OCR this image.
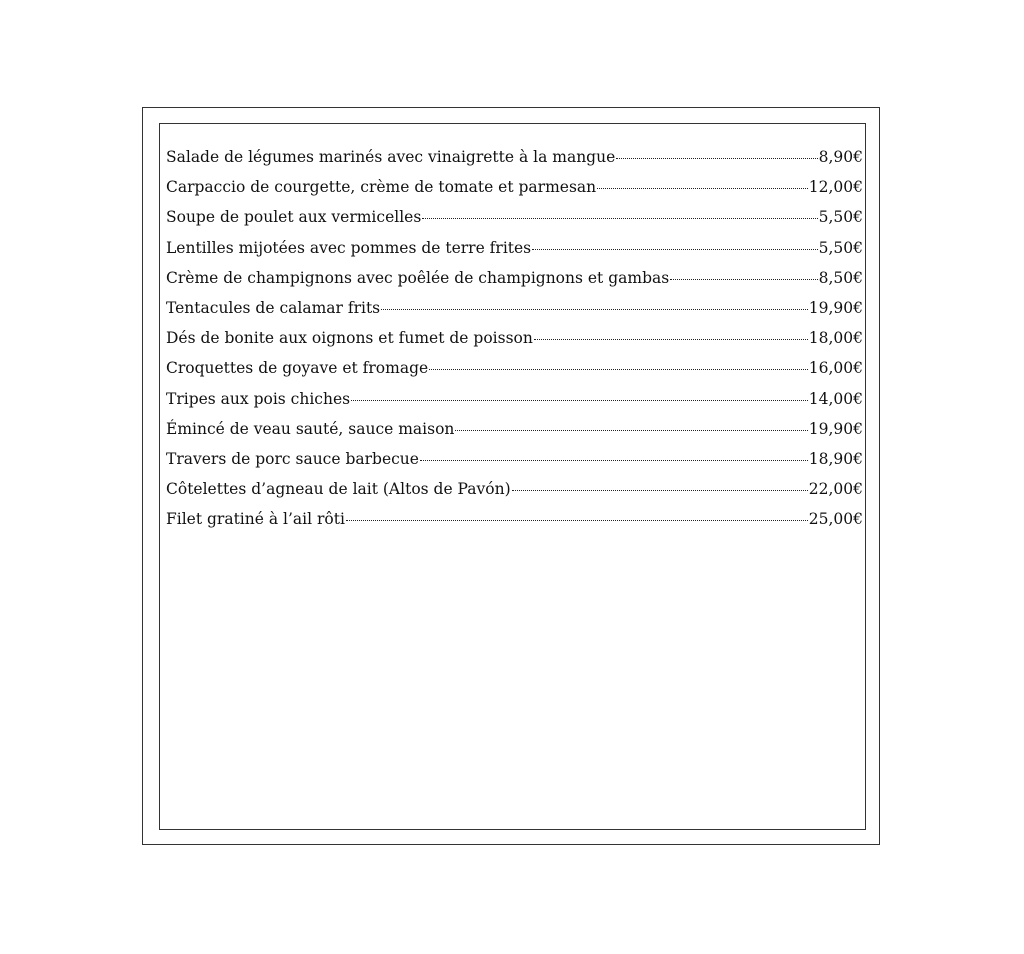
Salade de légumes marinés avec vinaigrette à la mangue	8,90€
Carpaccio de courgette, crème de tomate et parmesan	12,00€
Soupe de poulet aux vermicelles	5,50€
Lentilles mijotées avec pommes de terre frites	5,50€
Crème de champignons avec poêlée de champignons et gambas	8,50€
Tentacules de calamar frits	19,90€
Dés de bonite aux oignons et fumet de poisson	18,00€
Croquettes de goyave et fromage	16,00€
Tripes aux pois chiches	14,00€
Émincé de veau sauté, sauce maison	19,90€
Travers de porc sauce barbecue	18,90€
Côtelettes d’agneau de lait (Altos de Pavón)	22,00€
Filet gratiné à l’ail rôti	25,00€
